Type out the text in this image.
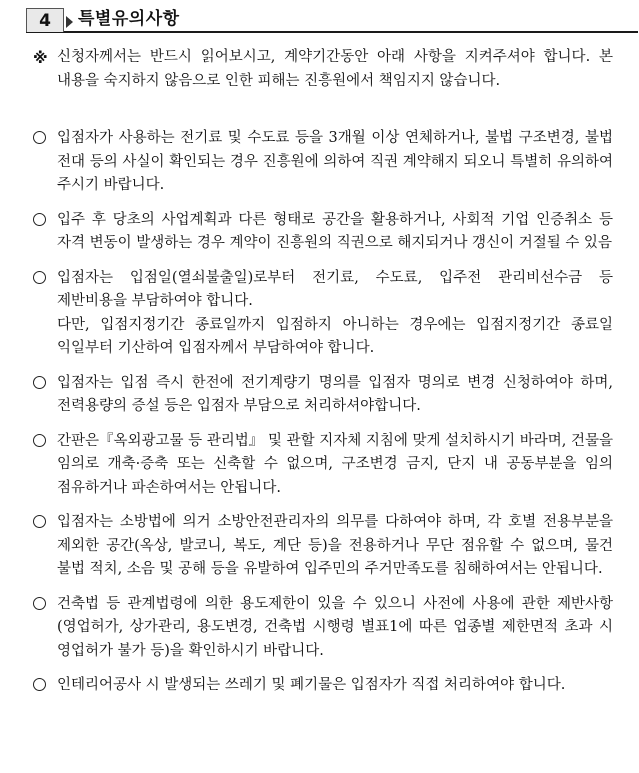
4	특별유의사항
※ 신청자께서는 반드시 읽어보시고, 계약기간동안 아래 사항을 지켜주셔야 합니다. 본 내용을 숙지하지 않음으로 인한 피해는 진흥원에서 책임지지 않습니다.

입점자가 사용하는 전기료 및 수도료 등을 3개월 이상 연체하거나, 불법 구조변경, 불법 전대 등의 사실이 확인되는 경우 진흥원에 의하여 직권 계약해지 되오니 특별히 유의하여 주시기 바랍니다.

입주 후 당초의 사업계획과 다른 형태로 공간을 활용하거나, 사회적 기업 인증취소 등 자격 변동이 발생하는 경우 계약이 진흥원의 직권으로 해지되거나 갱신이 거절될 수 있음

입점자는 입점일(열쇠불출일)로부터 전기료, 수도료, 입주전 관리비선수금 등 제반비용을 부담하여야 합니다.

다만, 입점지정기간 종료일까지 입점하지 아니하는 경우에는 입점지정기간 종료일 익일부터 기산하여 입점자께서 부담하여야 합니다.

입점자는 입점 즉시 한전에 전기계량기 명의를 입점자 명의로 변경 신청하여야 하며, 전력용량의 증설 등은 입점자 부담으로 처리하셔야합니다.

간판은『옥외광고물 등 관리법』 및 관할 지자체 지침에 맞게 설치하시기 바라며, 건물을 임의로 개축·증축 또는 신축할 수 없으며, 구조변경 금지, 단지 내 공동부분을 임의 점유하거나 파손하여서는 안됩니다.

입점자는 소방법에 의거 소방안전관리자의 의무를 다하여야 하며, 각 호별 전용부분을 제외한 공간(옥상, 발코니, 복도, 계단 등)을 전용하거나 무단 점유할 수 없으며, 물건 불법 적치, 소음 및 공해 등을 유발하여 입주민의 주거만족도를 침해하여서는 안됩니다.

건축법 등 관계법령에 의한 용도제한이 있을 수 있으니 사전에 사용에 관한 제반사항(영업허가, 상가관리, 용도변경, 건축법 시행령 별표1에 따른 업종별 제한면적 초과 시 영업허가 불가 등)을 확인하시기 바랍니다.

인테리어공사 시 발생되는 쓰레기 및 폐기물은 입점자가 직접 처리하여야 합니다.
